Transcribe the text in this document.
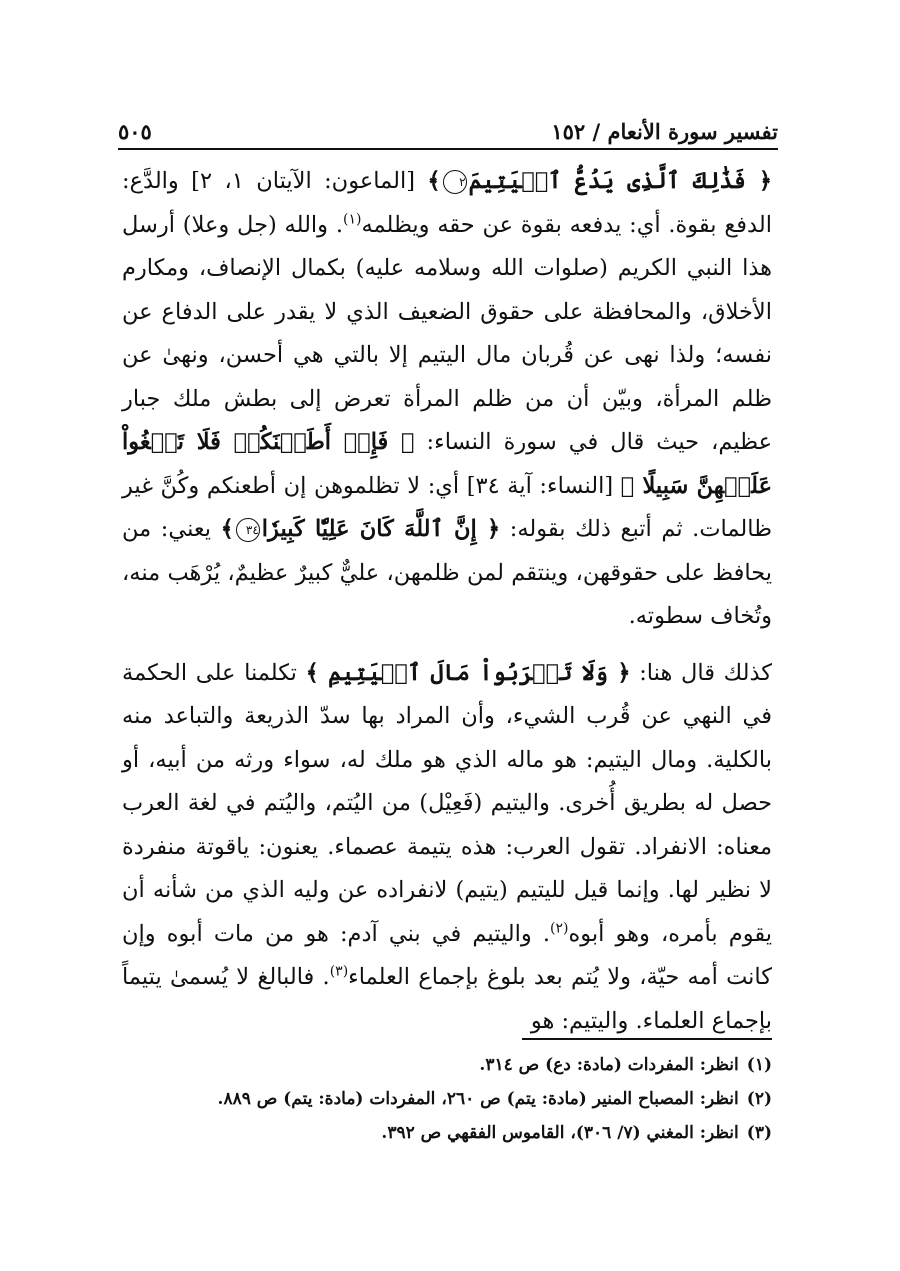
تفسير سورة الأنعام / ١٥٢
٥٠٥

﴿ فَذَٰلِكَ ٱلَّذِى يَدُعُّ ٱلۡيَتِيمَ٢﴾ [الماعون: الآيتان ١، ٢] والدَّع: الدفع بقوة. أي: يدفعه بقوة عن حقه ويظلمه$^{(١)}$. والله (جل وعلا) أرسل هذا النبي الكريم (صلوات الله وسلامه عليه) بكمال الإنصاف، ومكارم الأخلاق، والمحافظة على حقوق الضعيف الذي لا يقدر على الدفاع عن نفسه؛ ولذا نهى عن قُربان مال اليتيم إلا بالتي هي أحسن، ونهىٰ عن ظلم المرأة، وبيّن أن من ظلم المرأة تعرض إلى بطش ملك جبار عظيم، حيث قال في سورة النساء: ﴿ فَإِنۡ أَطَعۡنَكُمۡ فَلَا تَبۡغُواْ عَلَيۡهِنَّ سَبِيلًا ﴾ [النساء: آية ٣٤] أي: لا تظلموهن إن أطعنكم وكُنَّ غير ظالمات. ثم أتبع ذلك بقوله: ﴿ إِنَّ ٱللَّهَ كَانَ عَلِيّٗا كَبِيرٗا٣٤﴾ يعني: من يحافظ على حقوقهن، وينتقم لمن ظلمهن، عليٌّ كبيرٌ عظيمٌ، يُرْهَب منه، وتُخاف سطوته.

كذلك قال هنا: ﴿ وَلَا تَقۡرَبُواْ مَالَ ٱلۡيَتِيمِ ﴾ تكلمنا على الحكمة في النهي عن قُرب الشيء، وأن المراد بها سدّ الذريعة والتباعد منه بالكلية. ومال اليتيم: هو ماله الذي هو ملك له، سواء ورثه من أبيه، أو حصل له بطريق أُخرى. واليتيم (فَعِيْل) من اليُتم، واليُتم في لغة العرب معناه: الانفراد. تقول العرب: هذه يتيمة عصماء. يعنون: ياقوتة منفردة لا نظير لها. وإنما قيل لليتيم (يتيم) لانفراده عن وليه الذي من شأنه أن يقوم بأمره، وهو أبوه$^{(٢)}$. واليتيم في بني آدم: هو من مات أبوه وإن كانت أمه حيّة، ولا يُتم بعد بلوغ بإجماع العلماء$^{(٣)}$. فالبالغ لا يُسمىٰ يتيماً بإجماع العلماء. واليتيم: هو

(١)انظر: المفردات (مادة: دع) ص ٣١٤.
(٢)انظر: المصباح المنير (مادة: يتم) ص ٢٦٠، المفردات (مادة: يتم) ص ٨٨٩.
(٣)انظر: المغني (٧/ ٣٠٦)، القاموس الفقهي ص ٣٩٢.
